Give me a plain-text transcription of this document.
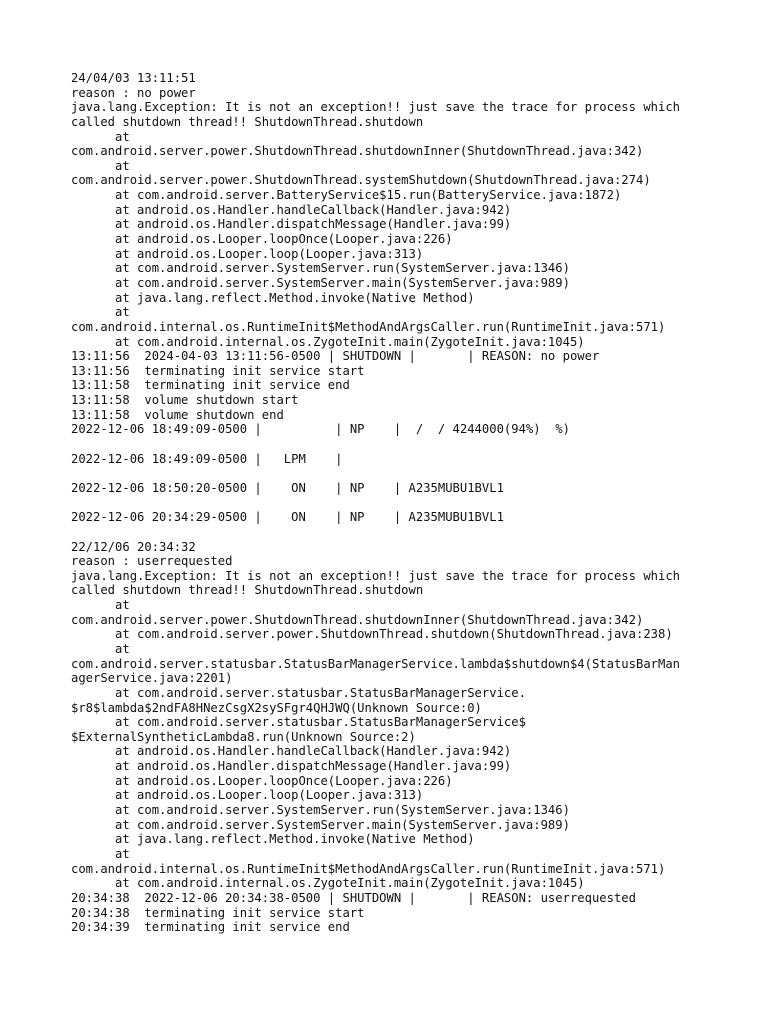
24/04/03 13:11:51
reason : no power
java.lang.Exception: It is not an exception!! just save the trace for process which
called shutdown thread!! ShutdownThread.shutdown
at
com.android.server.power.ShutdownThread.shutdownInner(ShutdownThread.java:342)
at
com.android.server.power.ShutdownThread.systemShutdown(ShutdownThread.java:274)
at com.android.server.BatteryService$15.run(BatteryService.java:1872)
at android.os.Handler.handleCallback(Handler.java:942)
at android.os.Handler.dispatchMessage(Handler.java:99)
at android.os.Looper.loopOnce(Looper.java:226)
at android.os.Looper.loop(Looper.java:313)
at com.android.server.SystemServer.run(SystemServer.java:1346)
at com.android.server.SystemServer.main(SystemServer.java:989)
at java.lang.reflect.Method.invoke(Native Method)
at
com.android.internal.os.RuntimeInit$MethodAndArgsCaller.run(RuntimeInit.java:571)
at com.android.internal.os.ZygoteInit.main(ZygoteInit.java:1045)
13:11:56  2024-04-03 13:11:56-0500 | SHUTDOWN |       | REASON: no power
13:11:56  terminating init service start
13:11:58  terminating init service end
13:11:58  volume shutdown start
13:11:58  volume shutdown end
2022-12-06 18:49:09-0500 |          | NP    |  /  / 4244000(94%)  %)
2022-12-06 18:49:09-0500 |   LPM    |
2022-12-06 18:50:20-0500 |    ON    | NP    | A235MUBU1BVL1
2022-12-06 20:34:29-0500 |    ON    | NP    | A235MUBU1BVL1
22/12/06 20:34:32
reason : userrequested
java.lang.Exception: It is not an exception!! just save the trace for process which
called shutdown thread!! ShutdownThread.shutdown
at
com.android.server.power.ShutdownThread.shutdownInner(ShutdownThread.java:342)
at com.android.server.power.ShutdownThread.shutdown(ShutdownThread.java:238)
at
com.android.server.statusbar.StatusBarManagerService.lambda$shutdown$4(StatusBarMan
agerService.java:2201)
at com.android.server.statusbar.StatusBarManagerService.
$r8$lambda$2ndFA8HNezCsgX2sySFgr4QHJWQ(Unknown Source:0)
at com.android.server.statusbar.StatusBarManagerService$
$ExternalSyntheticLambda8.run(Unknown Source:2)
at android.os.Handler.handleCallback(Handler.java:942)
at android.os.Handler.dispatchMessage(Handler.java:99)
at android.os.Looper.loopOnce(Looper.java:226)
at android.os.Looper.loop(Looper.java:313)
at com.android.server.SystemServer.run(SystemServer.java:1346)
at com.android.server.SystemServer.main(SystemServer.java:989)
at java.lang.reflect.Method.invoke(Native Method)
at
com.android.internal.os.RuntimeInit$MethodAndArgsCaller.run(RuntimeInit.java:571)
at com.android.internal.os.ZygoteInit.main(ZygoteInit.java:1045)
20:34:38  2022-12-06 20:34:38-0500 | SHUTDOWN |       | REASON: userrequested
20:34:38  terminating init service start
20:34:39  terminating init service end
